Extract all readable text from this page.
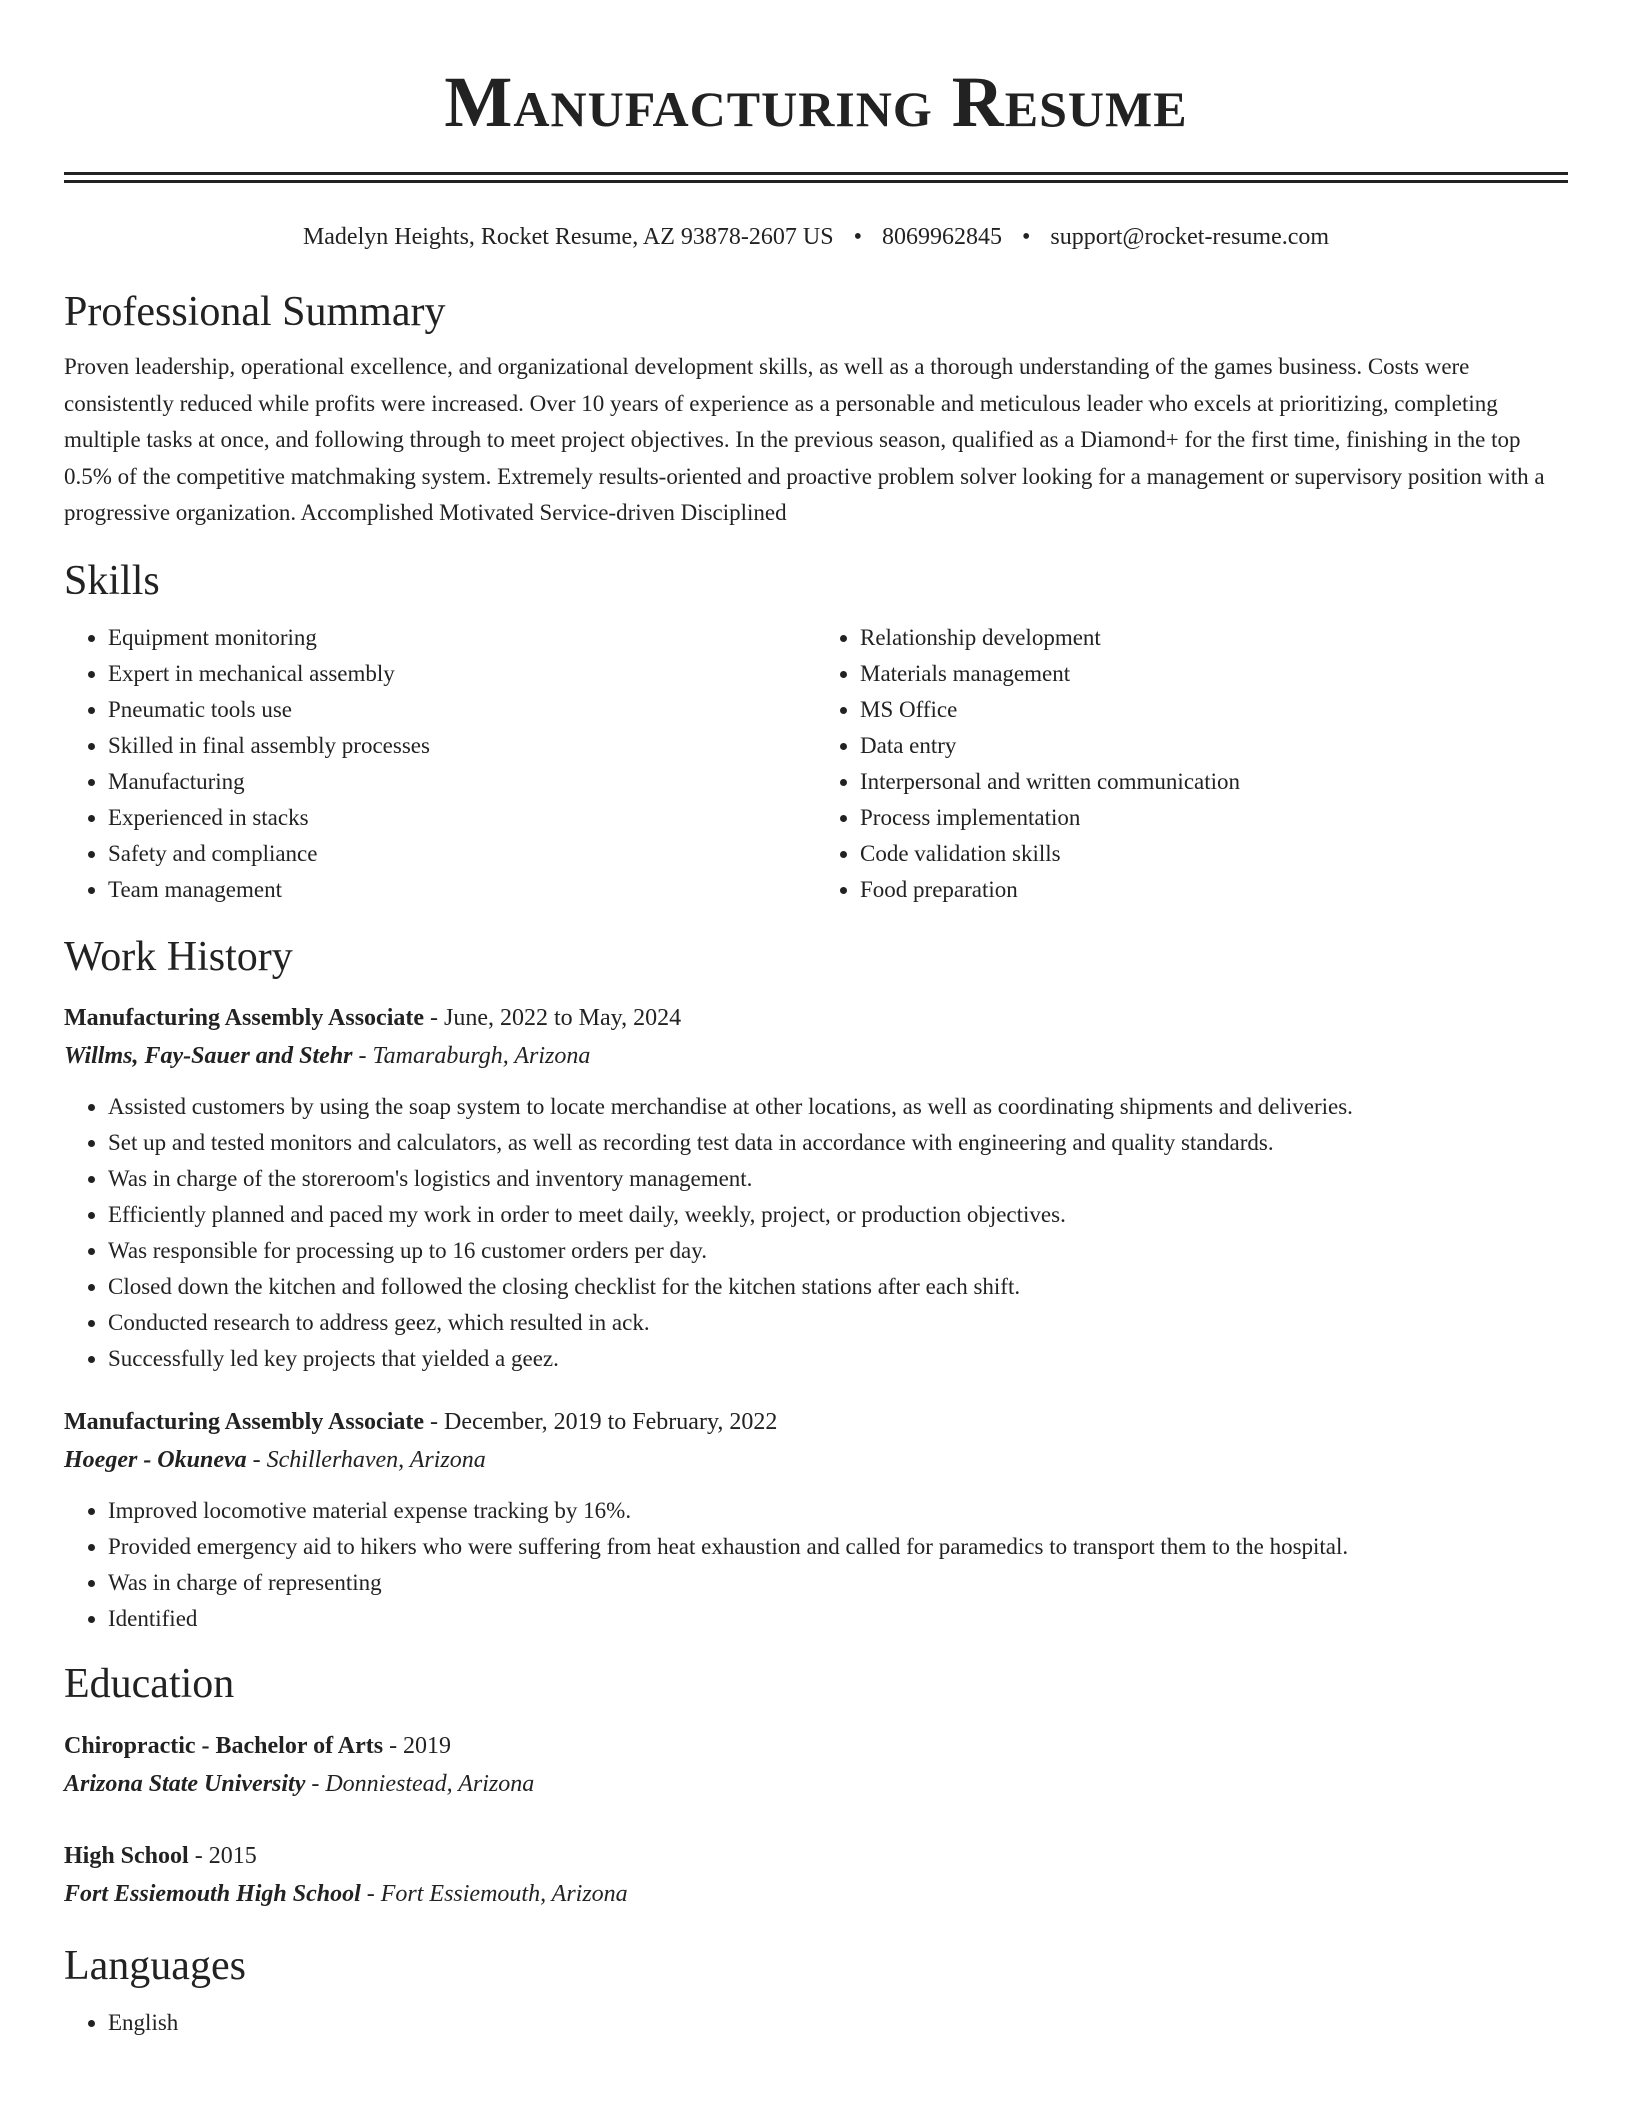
Manufacturing Resume
Madelyn Heights, Rocket Resume, AZ 93878-2607 US • 8069962845 • support@rocket-resume.com
Professional Summary

Proven leadership, operational excellence, and organizational development skills, as well as a thorough understanding of the games business. Costs were consistently reduced while profits were increased. Over 10 years of experience as a personable and meticulous leader who excels at prioritizing, completing multiple tasks at once, and following through to meet project objectives. In the previous season, qualified as a Diamond+ for the first time, finishing in the top 0.5% of the competitive matchmaking system. Extremely results-oriented and proactive problem solver looking for a management or supervisory position with a progressive organization. Accomplished Motivated Service-driven Disciplined

Skills
• Equipment monitoring
• Expert in mechanical assembly
• Pneumatic tools use
• Skilled in final assembly processes
• Manufacturing
• Experienced in stacks
• Safety and compliance
• Team management
• Relationship development
• Materials management
• MS Office
• Data entry
• Interpersonal and written communication
• Process implementation
• Code validation skills
• Food preparation
Work History
Manufacturing Assembly Associate - June, 2022 to May, 2024
Willms, Fay-Sauer and Stehr - Tamaraburgh, Arizona
• Assisted customers by using the soap system to locate merchandise at other locations, as well as coordinating shipments and deliveries.
• Set up and tested monitors and calculators, as well as recording test data in accordance with engineering and quality standards.
• Was in charge of the storeroom's logistics and inventory management.
• Efficiently planned and paced my work in order to meet daily, weekly, project, or production objectives.
• Was responsible for processing up to 16 customer orders per day.
• Closed down the kitchen and followed the closing checklist for the kitchen stations after each shift.
• Conducted research to address geez, which resulted in ack.
• Successfully led key projects that yielded a geez.
Manufacturing Assembly Associate - December, 2019 to February, 2022
Hoeger - Okuneva - Schillerhaven, Arizona
• Improved locomotive material expense tracking by 16%.
• Provided emergency aid to hikers who were suffering from heat exhaustion and called for paramedics to transport them to the hospital.
• Was in charge of representing
• Identified
Education
Chiropractic - Bachelor of Arts - 2019
Arizona State University - Donniestead, Arizona
High School - 2015
Fort Essiemouth High School - Fort Essiemouth, Arizona
Languages
• English
